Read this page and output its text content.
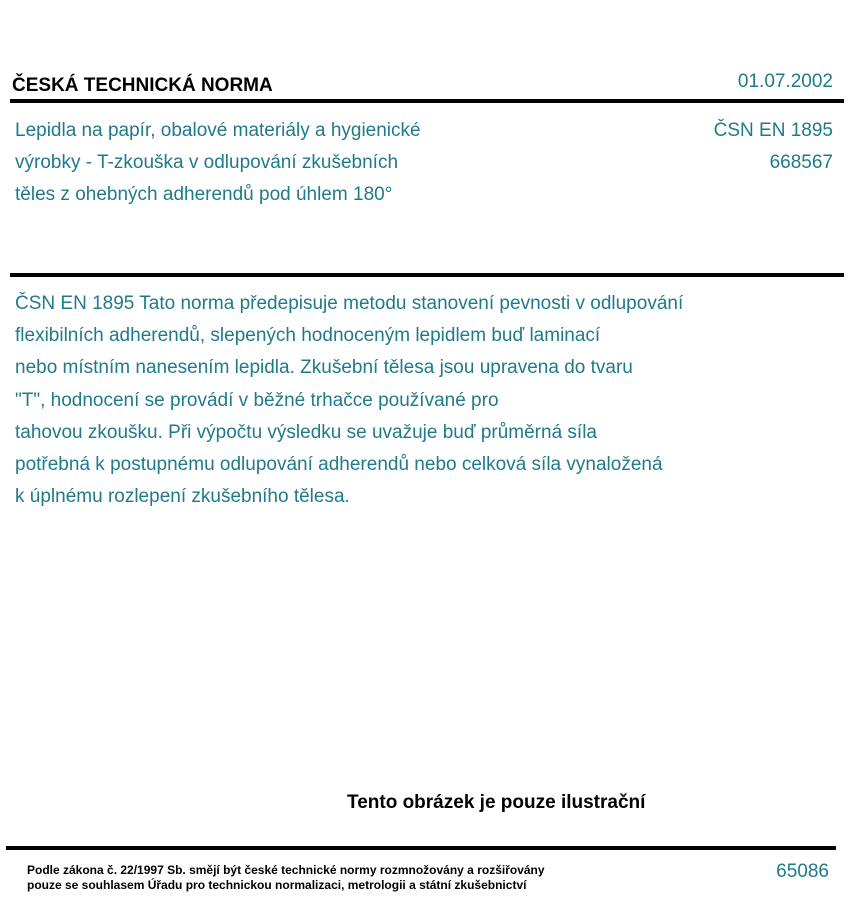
ČESKÁ TECHNICKÁ NORMA	01.07.2002
Lepidla na papír, obalové materiály a hygienické
výrobky - T-zkouška v odlupování zkušebních
těles z ohebných adherendů pod úhlem 180°
ČSN EN 1895
668567
ČSN EN 1895 Tato norma předepisuje metodu stanovení pevnosti v odlupování
flexibilních adherendů, slepených hodnoceným lepidlem buď laminací
nebo místním nanesením lepidla. Zkušební tělesa jsou upravena do tvaru
"T", hodnocení se provádí v běžné trhačce používané pro
tahovou zkoušku. Při výpočtu výsledku se uvažuje buď průměrná síla
potřebná k postupnému odlupování adherendů nebo celková síla vynaložená
k úplnému rozlepení zkušebního tělesa.
Tento obrázek je pouze ilustrační
Podle zákona č. 22/1997 Sb. smějí být české technické normy rozmnožovány a rozšiřovány
pouze se souhlasem Úřadu pro technickou normalizaci, metrologii a státní zkušebnictví
65086
